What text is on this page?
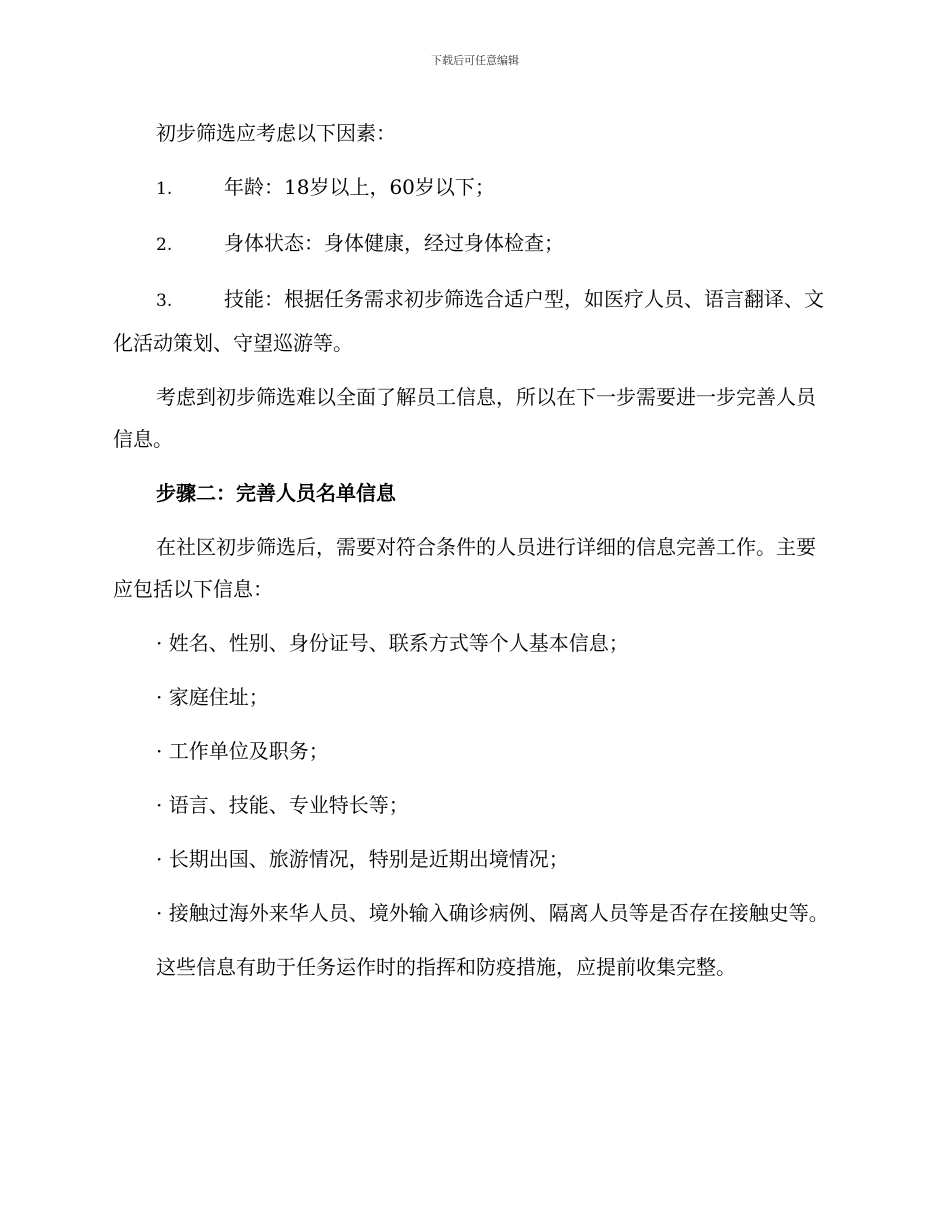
下载后可任意编辑

初步筛选应考虑以下因素：

1.	年龄：18岁以上，60岁以下；

2.	身体状态：身体健康，经过身体检查；

3.	技能：根据任务需求初步筛选合适户型，如医疗人员、语言翻译、文化活动策划、守望巡游等。

考虑到初步筛选难以全面了解员工信息，所以在下一步需要进一步完善人员信息。

步骤二：完善人员名单信息

在社区初步筛选后，需要对符合条件的人员进行详细的信息完善工作。主要应包括以下信息：

· 姓名、性别、身份证号、联系方式等个人基本信息；

· 家庭住址；

· 工作单位及职务；

· 语言、技能、专业特长等；

· 长期出国、旅游情况，特别是近期出境情况；

· 接触过海外来华人员、境外输入确诊病例、隔离人员等是否存在接触史等。

这些信息有助于任务运作时的指挥和防疫措施，应提前收集完整。
